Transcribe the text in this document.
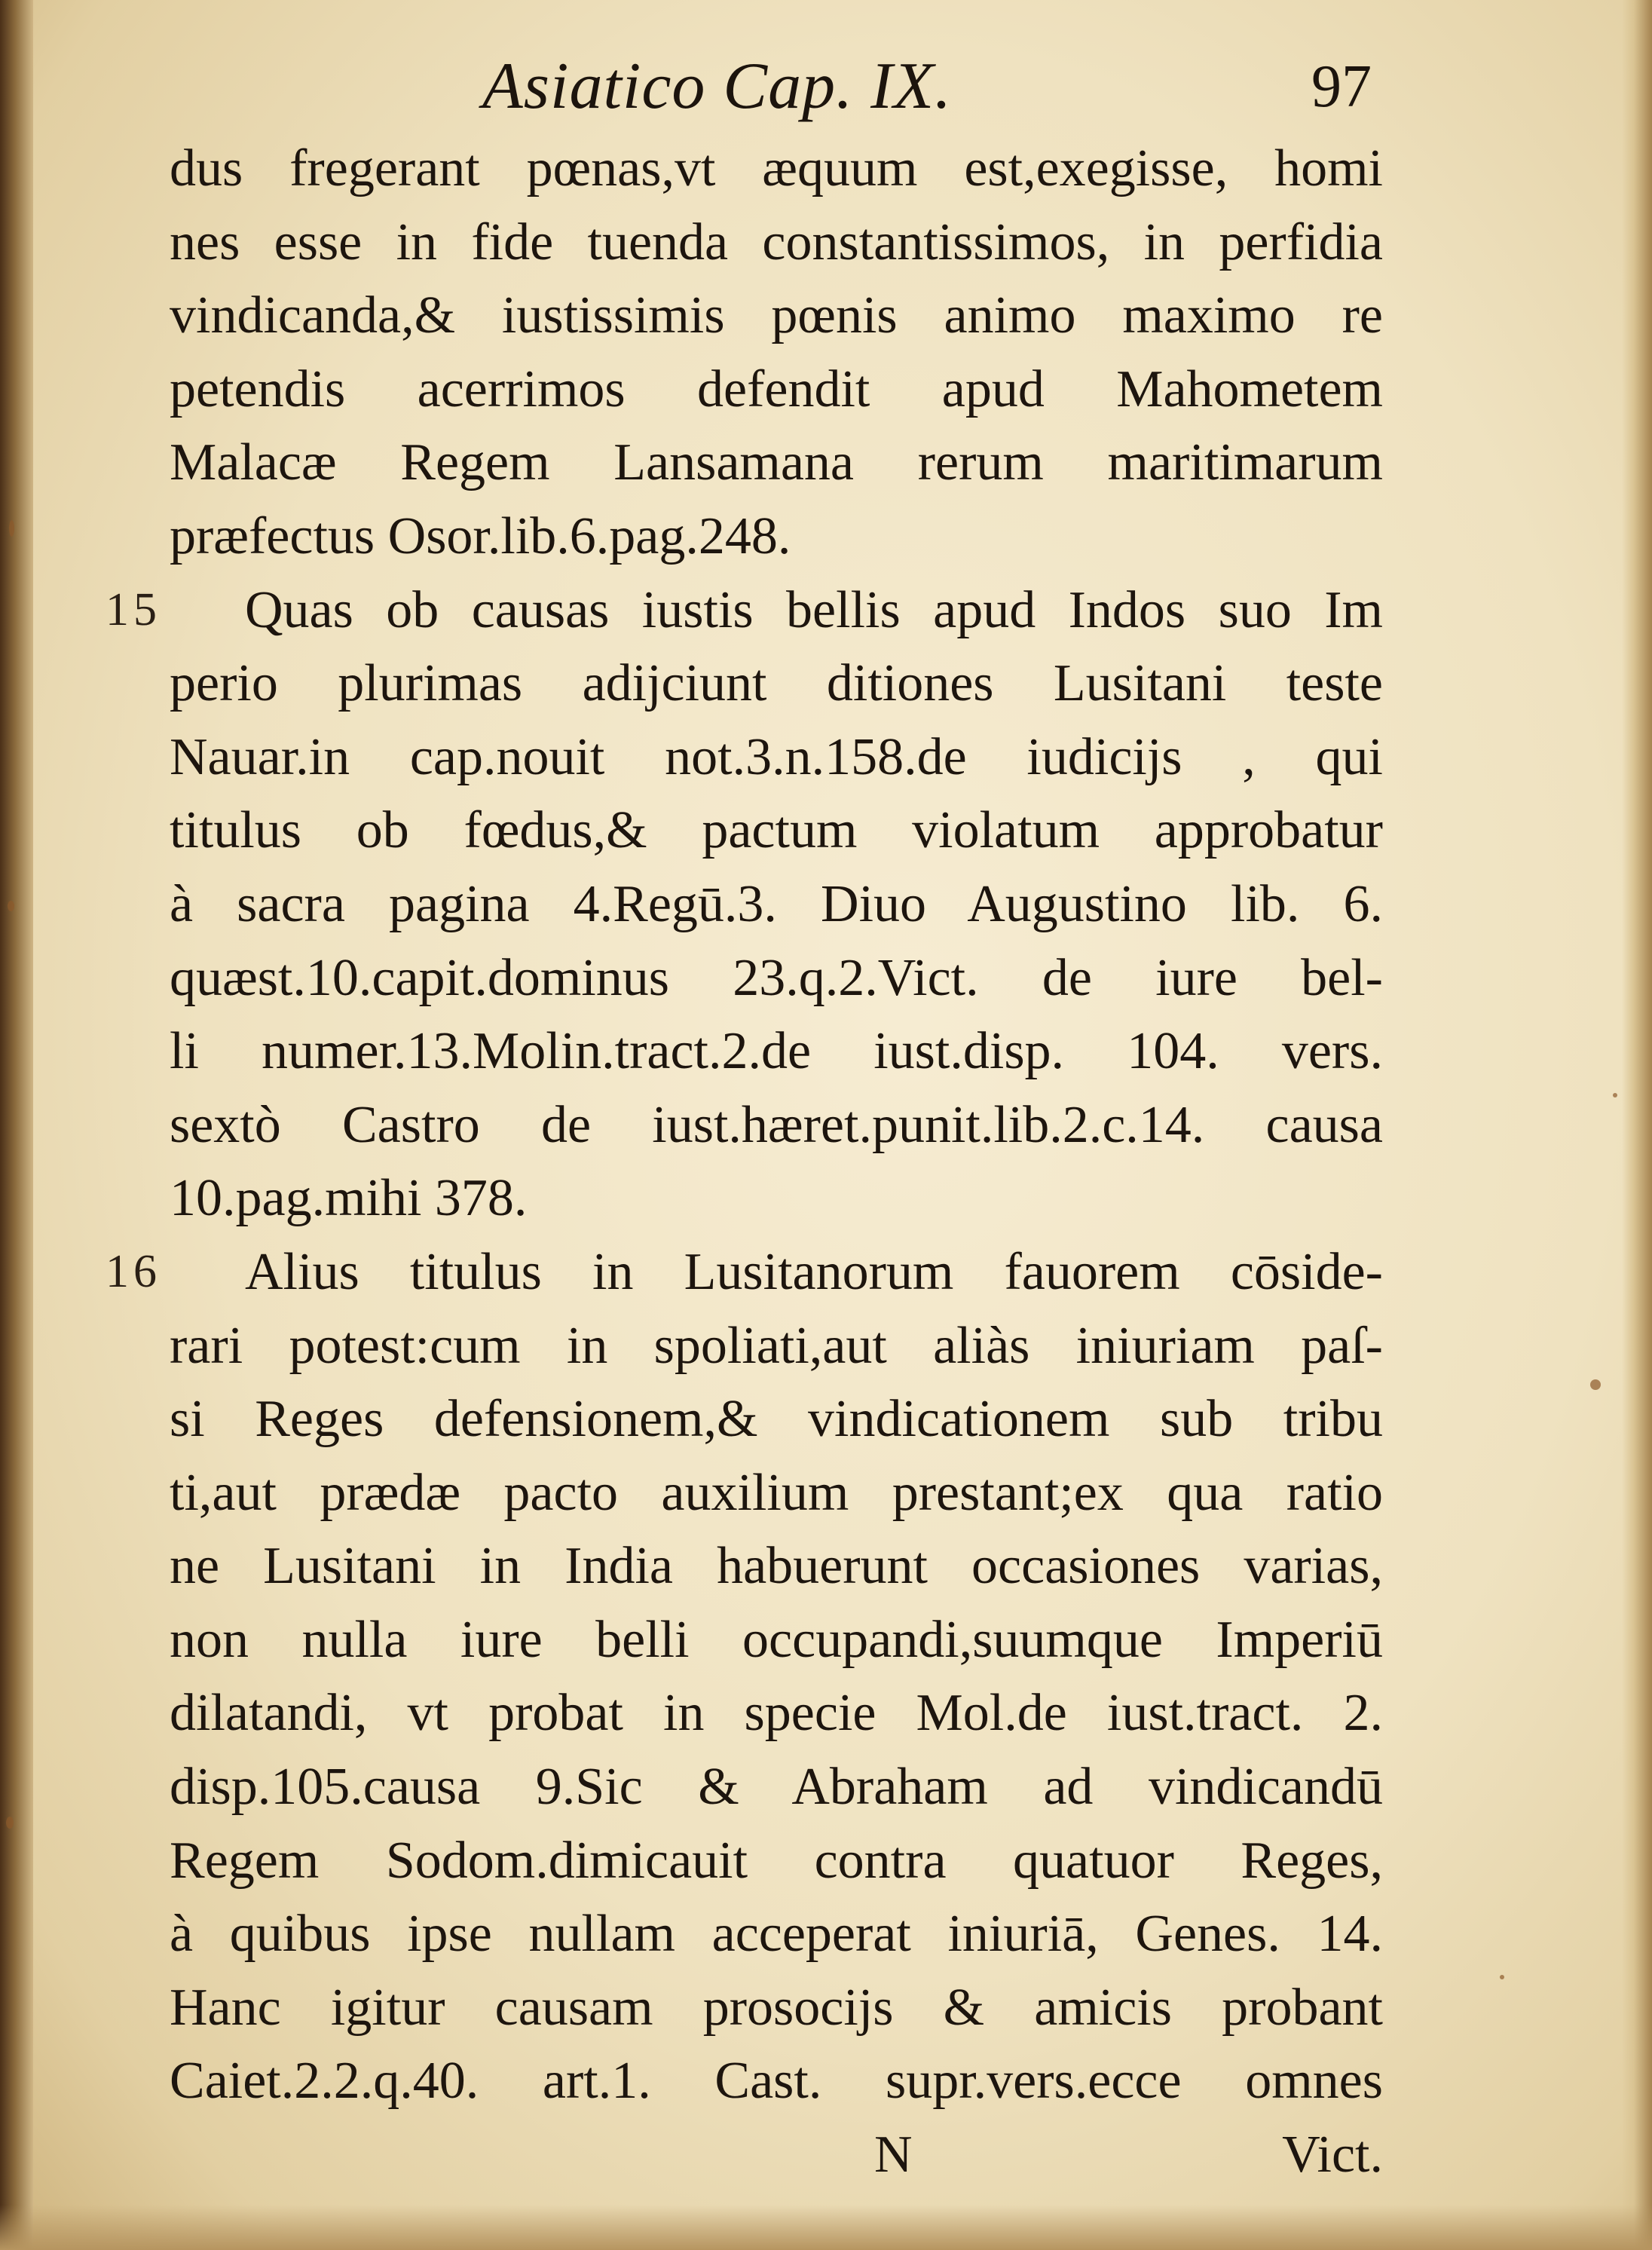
Asiatico Cap. IX.	97
dus fregerant pœnas,vt æquum est,exegisse, homi
nes esse in fide tuenda constantissimos, in perfidia
vindicanda,& iustissimis pœnis animo maximo re
petendis acerrimos defendit apud Mahometem
Malacæ Regem Lansamana rerum maritimarum
præfectus Osor.lib.6.pag.248.
15 Quas ob causas iustis bellis apud Indos suo Im
perio plurimas adijciunt ditiones Lusitani teste
Nauar.in cap.nouit not.3.n.158.de iudicijs , qui
titulus ob fœdus,& pactum violatum approbatur
à sacra pagina 4.Regū.3. Diuo Augustino lib. 6.
quæst.10.capit.dominus 23.q.2.Vict. de iure bel-
li numer.13.Molin.tract.2.de iust.disp. 104. vers.
sextò Castro de iust.hæret.punit.lib.2.c.14. causa
10.pag.mihi 378.
16 Alius titulus in Lusitanorum fauorem cōside-
rari potest:cum in spoliati,aut aliàs iniuriam paſ-
si Reges defensionem,& vindicationem sub tribu
ti,aut prædæ pacto auxilium prestant;ex qua ratio
ne Lusitani in India habuerunt occasiones varias,
non nulla iure belli occupandi,suumque Imperiū
dilatandi, vt probat in specie Mol.de iust.tract. 2.
disp.105.causa 9.Sic & Abraham ad vindicandū
Regem Sodom.dimicauit contra quatuor Reges,
à quibus ipse nullam acceperat iniuriā, Genes. 14.
Hanc igitur causam prosocijs & amicis probant
Caiet.2.2.q.40. art.1. Cast. supr.vers.ecce omnes
N	Vict.
